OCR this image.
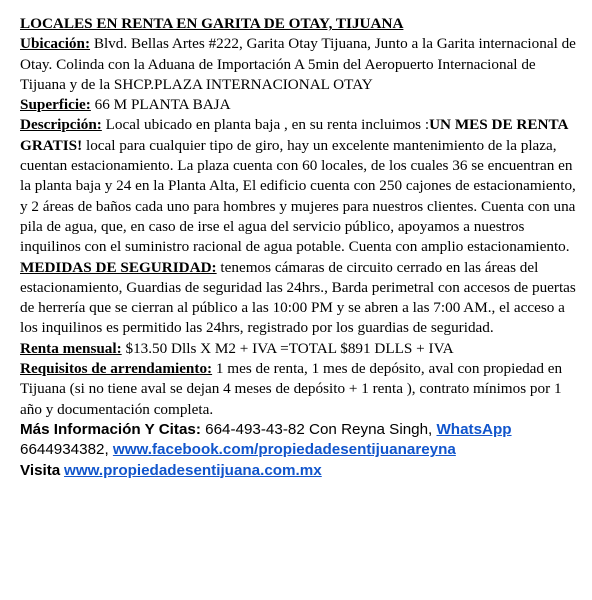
LOCALES EN RENTA EN GARITA DE OTAY, TIJUANA

Ubicación: Blvd. Bellas Artes #222, Garita Otay Tijuana, Junto a la Garita internacional de Otay. Colinda con la Aduana de Importación A 5min del Aeropuerto Internacional de Tijuana y de la SHCP.PLAZA INTERNACIONAL OTAY

Superficie: 66 M PLANTA BAJA

Descripción: Local ubicado en planta baja , en su renta incluimos :UN MES DE RENTA GRATIS! local para cualquier tipo de giro, hay un excelente mantenimiento de la plaza, cuentan estacionamiento. La plaza cuenta con 60 locales, de los cuales 36 se encuentran en la planta baja y 24 en la Planta Alta, El edificio cuenta con 250 cajones de estacionamiento, y 2 áreas de baños cada uno para hombres y mujeres para nuestros clientes. Cuenta con una pila de agua, que, en caso de irse el agua del servicio público, apoyamos a nuestros inquilinos con el suministro racional de agua potable. Cuenta con amplio estacionamiento. MEDIDAS DE SEGURIDAD: tenemos cámaras de circuito cerrado en las áreas del estacionamiento, Guardias de seguridad las 24hrs., Barda perimetral con accesos de puertas de herrería que se cierran al público a las 10:00 PM y se abren a las 7:00 AM., el acceso a los inquilinos es permitido las 24hrs, registrado por los guardias de seguridad.

Renta mensual: $13.50 Dlls X M2 + IVA =TOTAL $891 DLLS + IVA

Requisitos de arrendamiento: 1 mes de renta, 1 mes de depósito, aval con propiedad en Tijuana (si no tiene aval se dejan 4 meses de depósito + 1 renta ), contrato mínimos por 1 año y documentación completa.

Más Información Y Citas: 664-493-43-82 Con Reyna Singh, WhatsApp 6644934382, www.facebook.com/propiedadesentijuanareyna

Visita www.propiedadesentijuana.com.mx
